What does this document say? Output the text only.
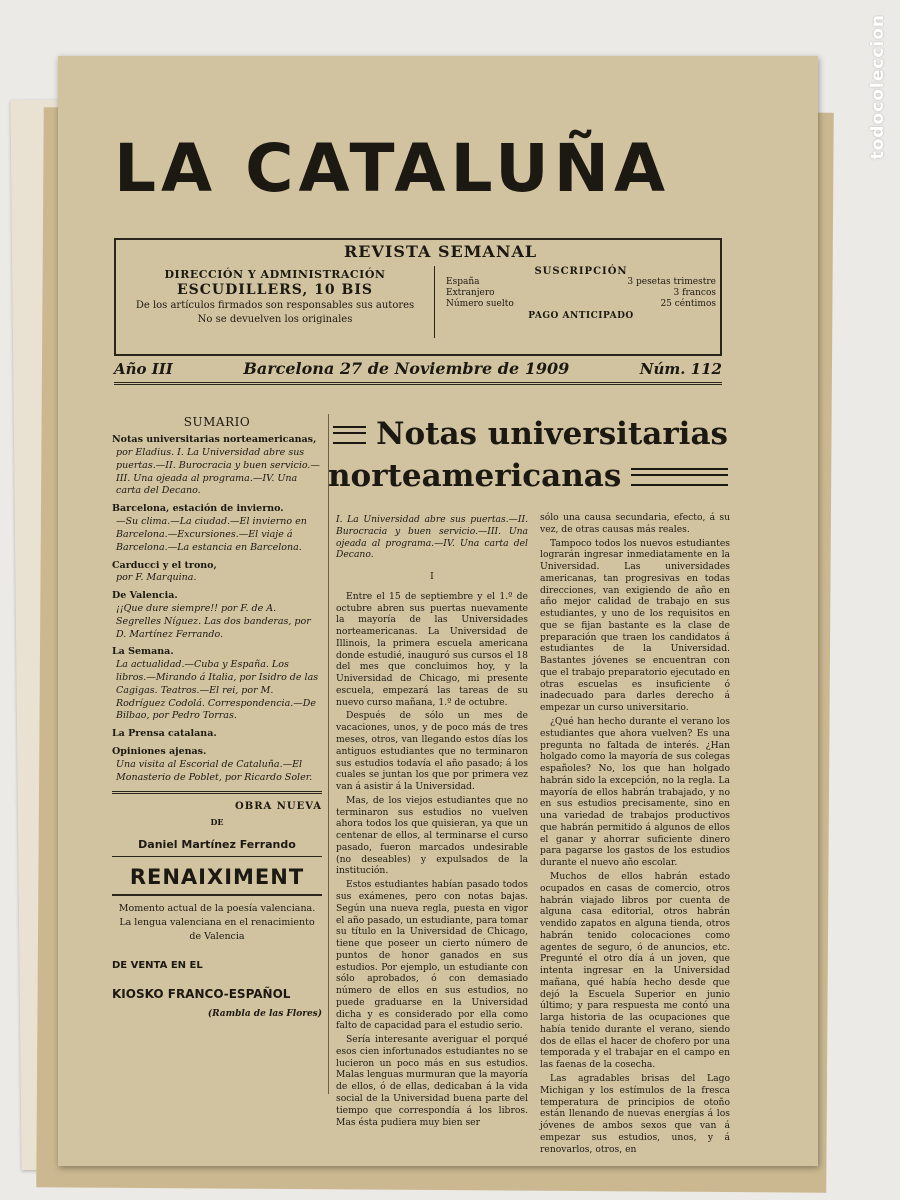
LA CATALUÑA
DIRECCIÓN Y ADMINISTRACIÓN
ESCUDILLERS, 10 BIS
De los artículos firmados son responsables sus autores
No se devuelven los originales
SUSCRIPCIÓN
España	3 pesetas trimestre
Extranjero	3 francos
Número suelto	25 céntimos
PAGO ANTICIPADO
REVISTA SEMANAL
Año III	Barcelona 27 de Noviembre de 1909	Núm. 112
SUMARIO
Notas universitarias norteamericanas,
por Eladius. I. La Universidad abre sus puertas.—II. Burocracia y buen servicio.—III. Una ojeada al programa.—IV. Una carta del Decano.
Barcelona, estación de invierno.
—Su clima.—La ciudad.—El invierno en Barcelona.—Excursiones.—El viaje á Barcelona.—La estancia en Barcelona.
Carducci y el trono,
por F. Marquina.
De Valencia.
¡¡Que dure siempre!! por F. de A. Segrelles Níguez. Las dos banderas, por D. Martínez Ferrando.
La Semana.
La actualidad.—Cuba y España. Los libros.—Mirando á Italia, por Isidro de las Cagigas. Teatros.—El rei, por M. Rodríguez Codolá. Correspondencia.—De Bilbao, por Pedro Torras.
La Prensa catalana.
Opiniones ajenas.
Una visita al Escorial de Cataluña.—El Monasterio de Poblet, por Ricardo Soler.
OBRA NUEVA
DE
Daniel Martínez Ferrando
RENAIXIMENT
Momento actual de la poesía valenciana. La lengua valenciana en el renacimiento de Valencia
DE VENTA EN EL
KIOSKO FRANCO-ESPAÑOL
(Rambla de las Flores)
Notas universitarias
norteamericanas

I. La Universidad abre sus puertas.—II. Burocracia y buen servicio.—III. Una ojeada al programa.—IV. Una carta del Decano.

I

Entre el 15 de septiembre y el 1.º de octubre abren sus puertas nuevamente la mayoría de las Universidades norteamericanas. La Universidad de Illinois, la primera escuela americana donde estudié, inauguró sus cursos el 18 del mes que concluimos hoy, y la Universidad de Chicago, mi presente escuela, empezará las tareas de su nuevo curso mañana, 1.º de octubre.

Después de sólo un mes de vacaciones, unos, y de poco más de tres meses, otros, van llegando estos días los antiguos estudiantes que no terminaron sus estudios todavía el año pasado; á los cuales se juntan los que por primera vez van á asistir á la Universidad.

Mas, de los viejos estudiantes que no terminaron sus estudios no vuelven ahora todos los que quisieran, ya que un centenar de ellos, al terminarse el curso pasado, fueron marcados undesirable (no deseables) y expulsados de la institución.

Estos estudiantes habían pasado todos sus exámenes, pero con notas bajas. Según una nueva regla, puesta en vigor el año pasado, un estudiante, para tomar su título en la Universidad de Chicago, tiene que poseer un cierto número de puntos de honor ganados en sus estudios. Por ejemplo, un estudiante con sólo aprobados, ó con demasiado número de ellos en sus estudios, no puede graduarse en la Universidad dicha y es considerado por ella como falto de capacidad para el estudio serio.

Sería interesante averiguar el porqué esos cien infortunados estudiantes no se lucieron un poco más en sus estudios. Malas lenguas murmuran que la mayoría de ellos, ó de ellas, dedicaban á la vida social de la Universidad buena parte del tiempo que correspondía á los libros. Mas ésta pudiera muy bien ser

sólo una causa secundaria, efecto, á su vez, de otras causas más reales.

Tampoco todos los nuevos estudiantes lograrán ingresar inmediatamente en la Universidad. Las universidades americanas, tan progresivas en todas direcciones, van exigiendo de año en año mejor calidad de trabajo en sus estudiantes, y uno de los requisitos en que se fijan bastante es la clase de preparación que traen los candidatos á estudiantes de la Universidad. Bastantes jóvenes se encuentran con que el trabajo preparatorio ejecutado en otras escuelas es insuficiente ó inadecuado para darles derecho á empezar un curso universitario.

¿Qué han hecho durante el verano los estudiantes que ahora vuelven? Es una pregunta no faltada de interés. ¿Han holgado como la mayoría de sus colegas españoles? No, los que han holgado habrán sido la excepción, no la regla. La mayoría de ellos habrán trabajado, y no en sus estudios precisamente, sino en una variedad de trabajos productivos que habrán permitido á algunos de ellos el ganar y ahorrar suficiente dinero para pagarse los gastos de los estudios durante el nuevo año escolar.

Muchos de ellos habrán estado ocupados en casas de comercio, otros habrán viajado libros por cuenta de alguna casa editorial, otros habrán vendido zapatos en alguna tienda, otros habrán tenido colocaciones como agentes de seguro, ó de anuncios, etc. Pregunté el otro día á un joven, que intenta ingresar en la Universidad mañana, qué había hecho desde que dejó la Escuela Superior en junio último; y para respuesta me contó una larga historia de las ocupaciones que había tenido durante el verano, siendo dos de ellas el hacer de chofero por una temporada y el trabajar en el campo en las faenas de la cosecha.

Las agradables brisas del Lago Michigan y los estímulos de la fresca temperatura de principios de otoño están llenando de nuevas energías á los jóvenes de ambos sexos que van á empezar sus estudios, unos, y á renovarlos, otros, en

todocoleccion
